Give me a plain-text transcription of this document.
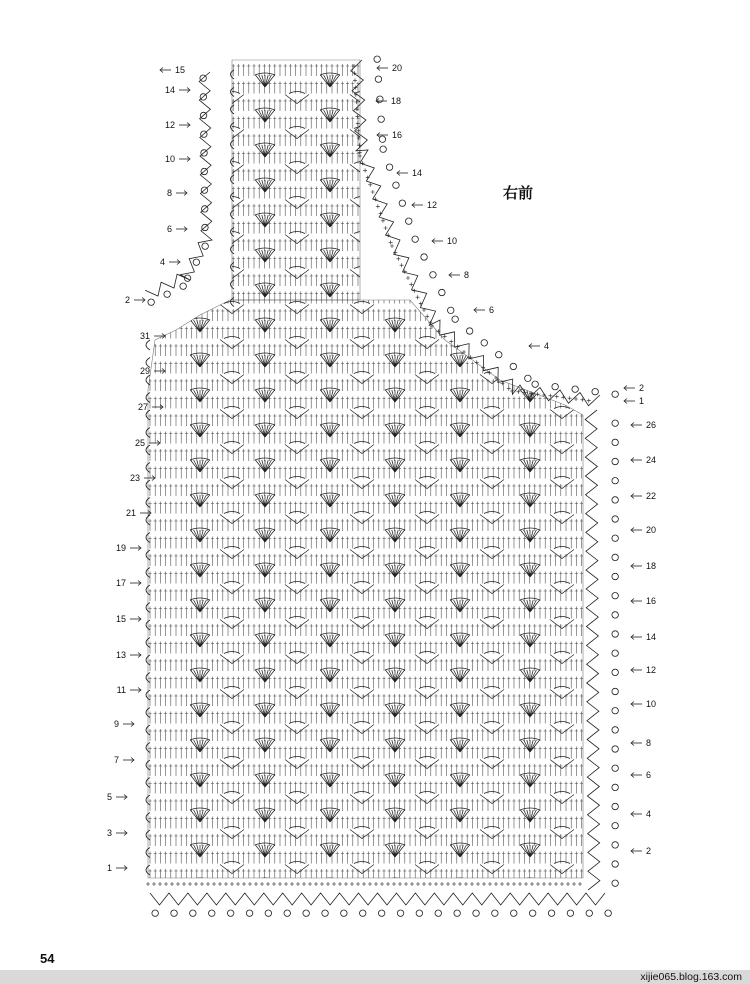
1
3
5
7
9
11
13
15
17
19
21
23
25
27
29
31
2
4
6
8
10
12
14
15
4
6
8
10
12
14
16
18
20
1
2
2
4
6
8
10
12
14
16
18
20
22
24
26
右前
54
xijie065.blog.163.com
